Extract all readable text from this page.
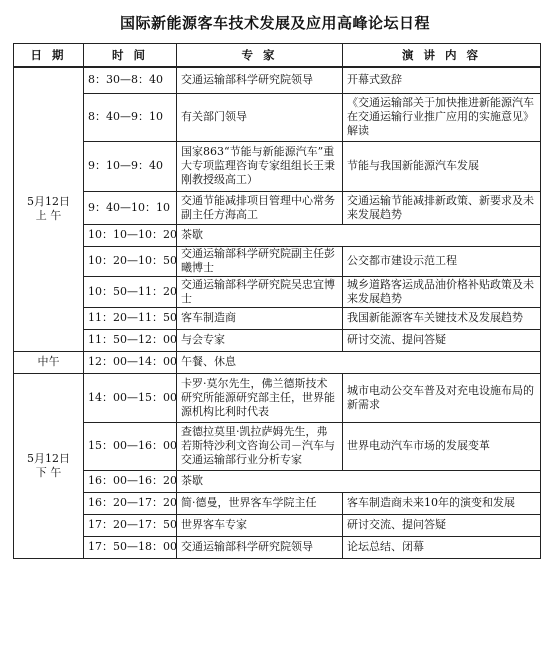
国际新能源客车技术发展及应用高峰论坛日程
日 期	时 间	专 家	演 讲 内 容

5月12日
上 午	8：30—8：40	交通运输部科学研究院领导	开幕式致辞
	8：40—9：10	有关部门领导	《交通运输部关于加快推进新能源汽车在交通运输行业推广应用的实施意见》解读
	9：10—9：40	国家863“节能与新能源汽车”重大专项监理咨询专家组组长王秉刚教授级高工）	节能与我国新能源汽车发展
	9：40—10：10	交通节能减排项目管理中心常务副主任方海高工	交通运输节能减排新政策、新要求及未来发展趋势
	10：10—10：20	茶歇	
	10：20—10：50	交通运输部科学研究院副主任彭曦博士	公交都市建设示范工程
	10：50—11：20	交通运输部科学研究院吴忠宜博士	城乡道路客运成品油价格补贴政策及未来发展趋势
	11：20—11：50	客车制造商	我国新能源客车关键技术及发展趋势
	11：50—12：00	与会专家	研讨交流、提问答疑
中午	12：00—14：00	午餐、休息	

5月12日
下 午	14：00—15：00	卡罗·莫尔先生，佛兰德斯技术研究所能源研究部主任，世界能源机构比利时代表	城市电动公交车普及对充电设施布局的新需求
	15：00—16：00	查德拉莫里·凯拉萨姆先生，弗若斯特沙利文咨询公司－汽车与交通运输部行业分析专家	世界电动汽车市场的发展变革
	16：00—16：20	茶歇	
	16：20—17：20	简·德曼，世界客车学院主任	客车制造商未来10年的演变和发展
	17：20—17：50	世界客车专家	研讨交流、提问答疑
	17：50—18：00	交通运输部科学研究院领导	论坛总结、闭幕
